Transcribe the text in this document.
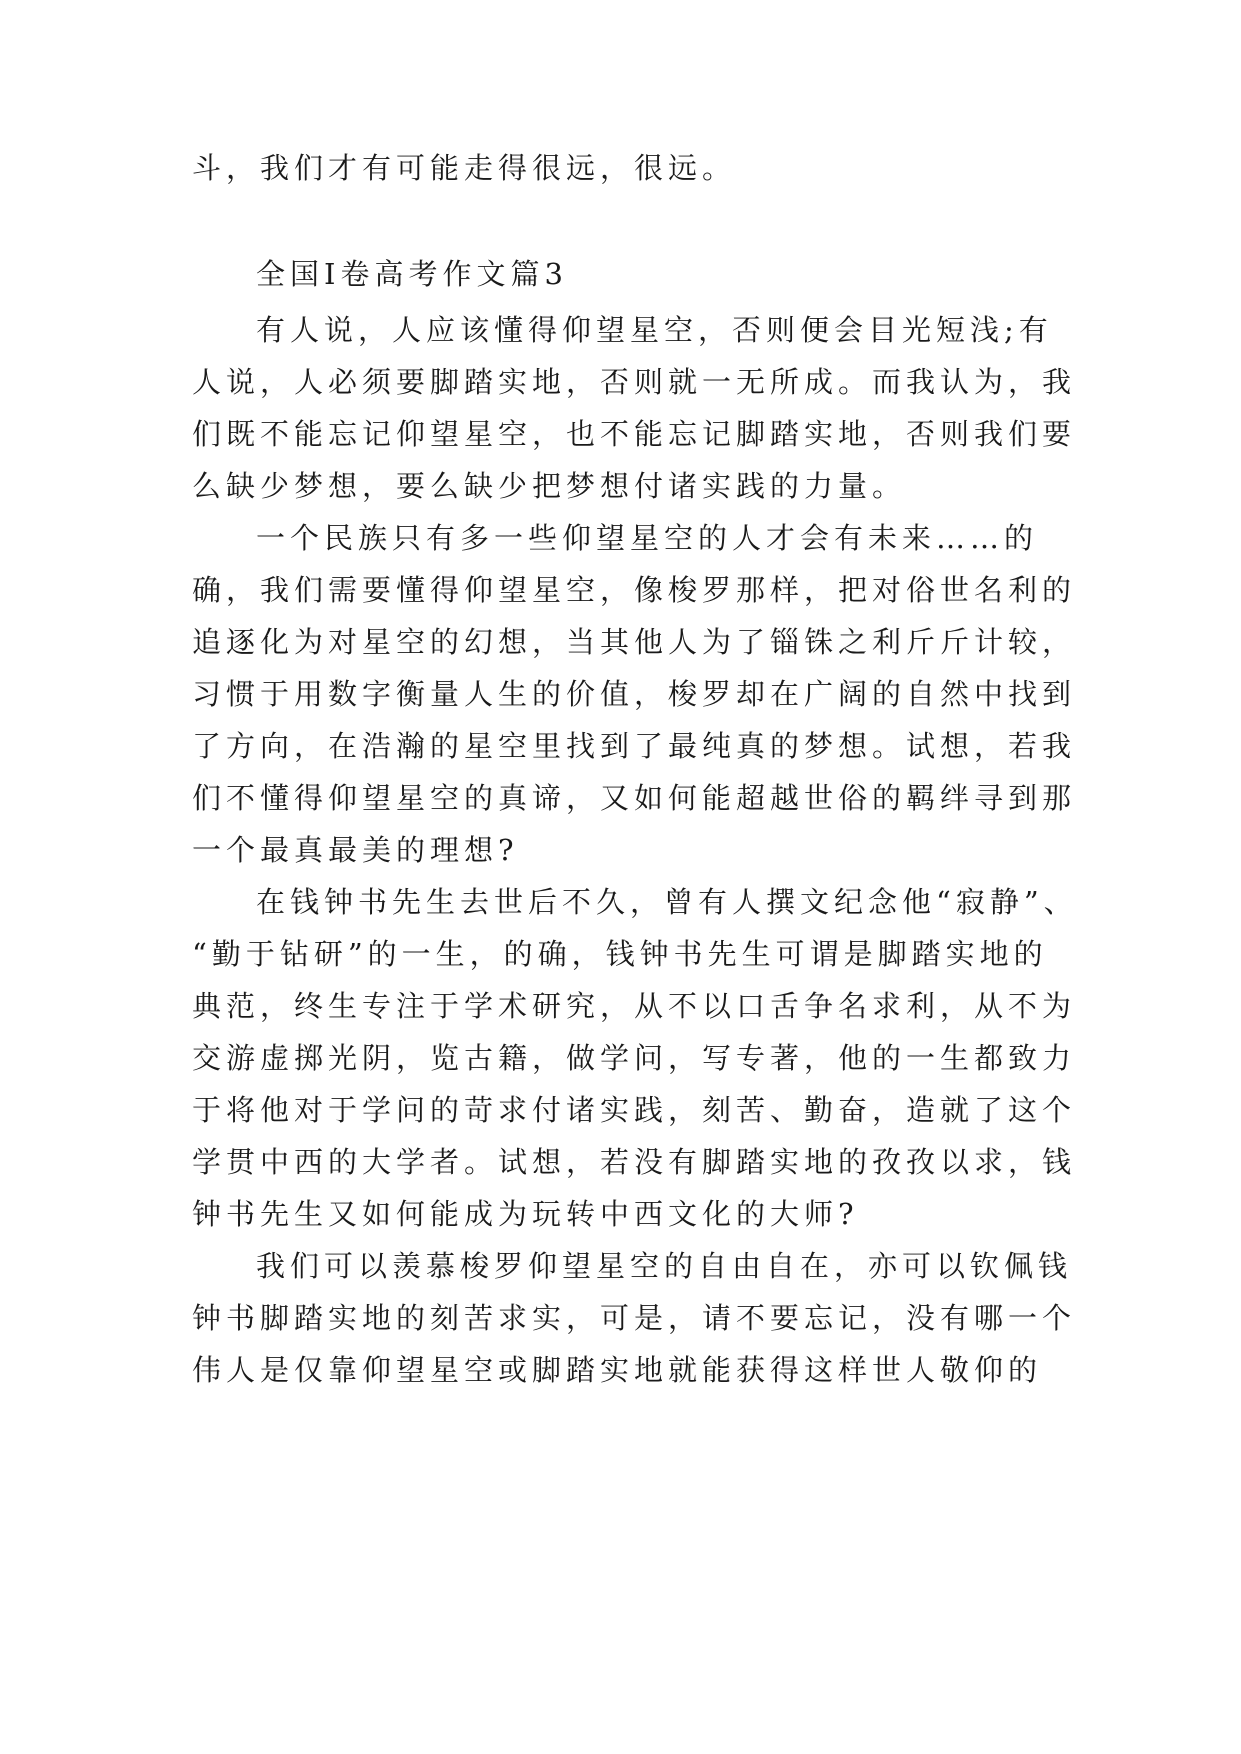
斗，我们才有可能走得很远，很远。
全国Ⅰ卷高考作文篇3
有人说，人应该懂得仰望星空，否则便会目光短浅;有
人说，人必须要脚踏实地，否则就一无所成。而我认为，我
们既不能忘记仰望星空，也不能忘记脚踏实地，否则我们要
么缺少梦想，要么缺少把梦想付诸实践的力量。
一个民族只有多一些仰望星空的人才会有未来……的
确，我们需要懂得仰望星空，像梭罗那样，把对俗世名利的
追逐化为对星空的幻想，当其他人为了锱铢之利斤斤计较，
习惯于用数字衡量人生的价值，梭罗却在广阔的自然中找到
了方向，在浩瀚的星空里找到了最纯真的梦想。试想，若我
们不懂得仰望星空的真谛，又如何能超越世俗的羁绊寻到那
一个最真最美的理想?
在钱钟书先生去世后不久，曾有人撰文纪念他“寂静”、
“勤于钻研”的一生，的确，钱钟书先生可谓是脚踏实地的
典范，终生专注于学术研究，从不以口舌争名求利，从不为
交游虚掷光阴，览古籍，做学问，写专著，他的一生都致力
于将他对于学问的苛求付诸实践，刻苦、勤奋，造就了这个
学贯中西的大学者。试想，若没有脚踏实地的孜孜以求，钱
钟书先生又如何能成为玩转中西文化的大师?
我们可以羡慕梭罗仰望星空的自由自在，亦可以钦佩钱
钟书脚踏实地的刻苦求实，可是，请不要忘记，没有哪一个
伟人是仅靠仰望星空或脚踏实地就能获得这样世人敬仰的
